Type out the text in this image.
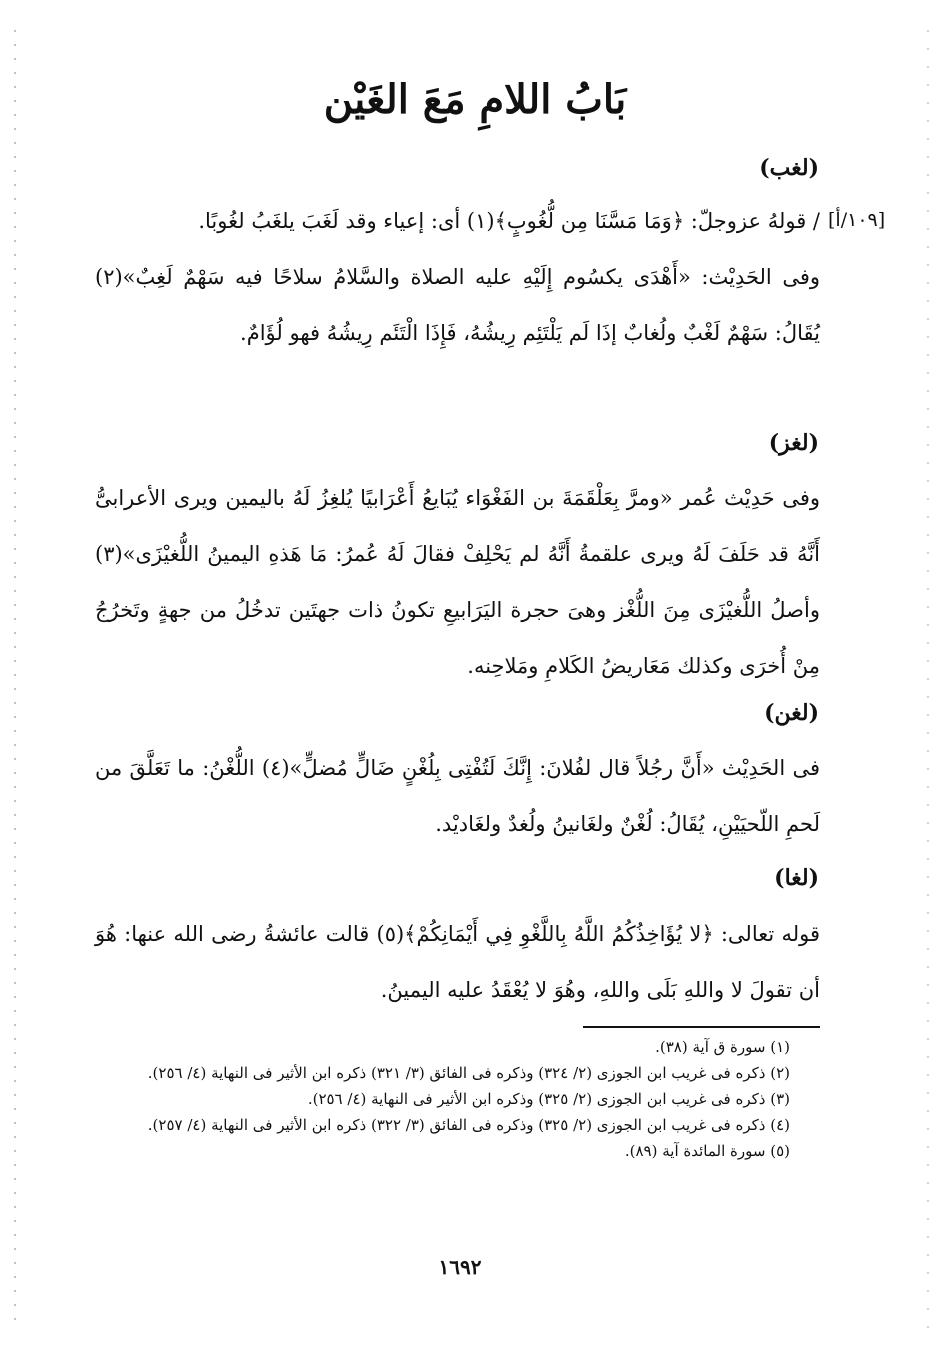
بَابُ اللامِ مَعَ الغَيْن
(لغب)
[١٠٩/أ]

/ قولهُ عزوجلّ: ﴿وَمَا مَسَّنَا مِن لُّغُوبٍ﴾(١) أى: إعياء وقد لَغَبَ يلغَبُ لغُوبًا.

وفى الحَدِيْث: «أَهْدَى يكسُوم إِلَيْهِ عليه الصلاة والسَّلامُ سلاحًا فيه سَهْمٌ لَغِبٌ»(٢) يُقَالُ: سَهْمٌ لَغْبٌ ولُغابٌ إذَا لَم يَلْتَئِم رِيشُهُ، فَإِذَا الْتَئَم رِيشُهُ فهو لُؤَامٌ.

(لغز)

وفى حَدِيْث عُمر «ومرَّ بِعَلْقَمَةَ بن الفَغْوَاء يُبَايعُ أَعْرَابيًا يُلغِزُ لَهُ باليمين ويرى الأعرابىُّ أَنَّهُ قد حَلَفَ لَهُ ويرى علقمةُ أَنَّهُ لم يَحْلِفْ فقالَ لَهُ عُمرُ: مَا هَذهِ اليمينُ اللُّغيْزَى»(٣) وأصلُ اللُّغيْزَى مِنَ اللُّغْز وهىَ حجرة اليَرَابيعِ تكونُ ذات جهتَين تدخُلُ من جهةٍ وتَخرُجُ مِنْ أُخرَى وكذلك مَعَاريضُ الكَلامِ ومَلاحِنه.

(لغن)

فى الحَدِيْث «أَنَّ رجُلاً قال لفُلانَ: إِنَّكَ لَتُفْتِى بِلُغْنٍ ضَالٍّ مُضلٍّ»(٤) اللُّغْنُ: ما تَعَلَّقَ من لَحمِ اللّحيَيْنِ، يُقَالُ: لُغْنٌ ولغَانينُ ولُغدٌ ولغَاديْد.

(لغا)

قوله تعالى: ﴿لا يُؤَاخِذُكُمُ اللَّهُ بِاللَّغْوِ فِي أَيْمَانِكُمْ﴾(٥) قالت عائشةُ رضى الله عنها: هُوَ أن تقولَ لا واللهِ بَلَى واللهِ، وهُوَ لا يُعْقَدُ عليه اليمينُ.

(١) سورة ق آية (٣٨).

(٢) ذكره فى غريب ابن الجوزى (٢/ ٣٢٤) وذكره فى الفائق (٣/ ٣٢١) ذكره ابن الأثير فى النهاية (٤/ ٢٥٦).

(٣) ذكره فى غريب ابن الجوزى (٢/ ٣٢٥) وذكره ابن الأثير فى النهاية (٤/ ٢٥٦).

(٤) ذكره فى غريب ابن الجوزى (٢/ ٣٢٥) وذكره فى الفائق (٣/ ٣٢٢) ذكره ابن الأثير فى النهاية (٤/ ٢٥٧).

(٥) سورة المائدة آية (٨٩).

١٦٩٢
